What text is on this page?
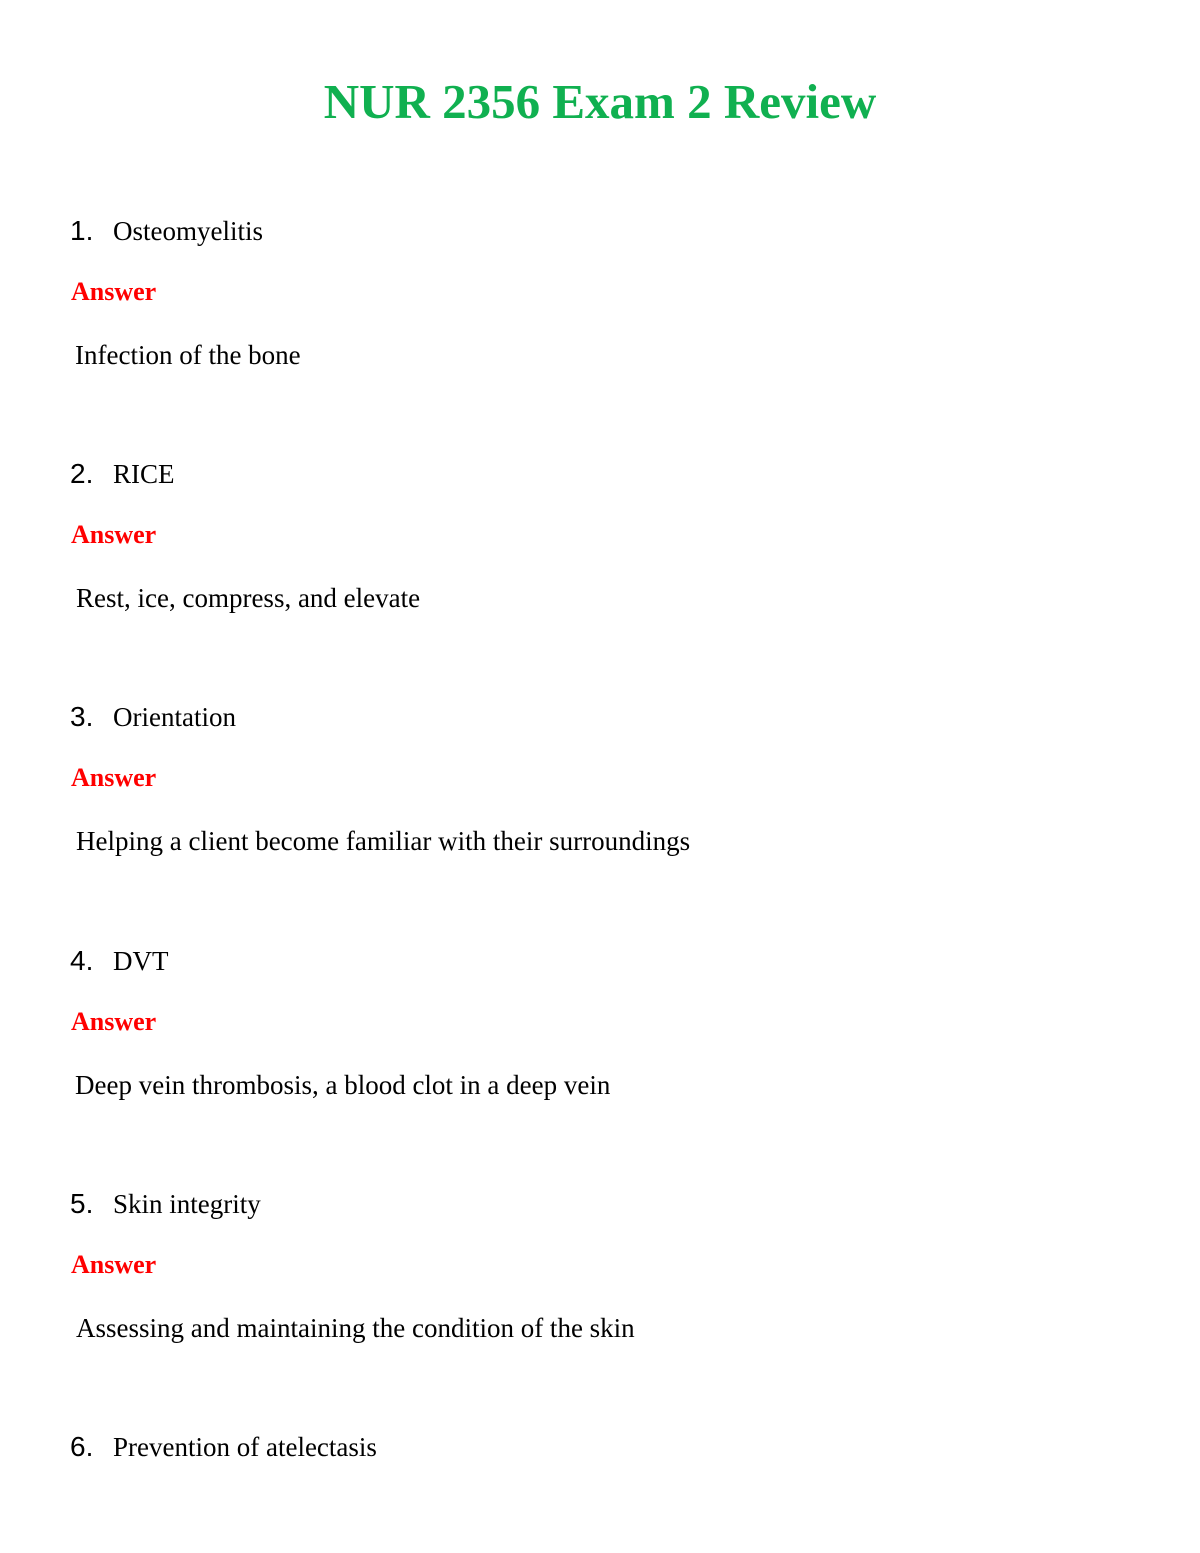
NUR 2356 Exam 2 Review
1. Osteomyelitis
Answer
Infection of the bone
2. RICE
Answer
Rest, ice, compress, and elevate
3. Orientation
Answer
Helping a client become familiar with their surroundings
4. DVT
Answer
Deep vein thrombosis, a blood clot in a deep vein
5. Skin integrity
Answer
Assessing and maintaining the condition of the skin
6. Prevention of atelectasis
